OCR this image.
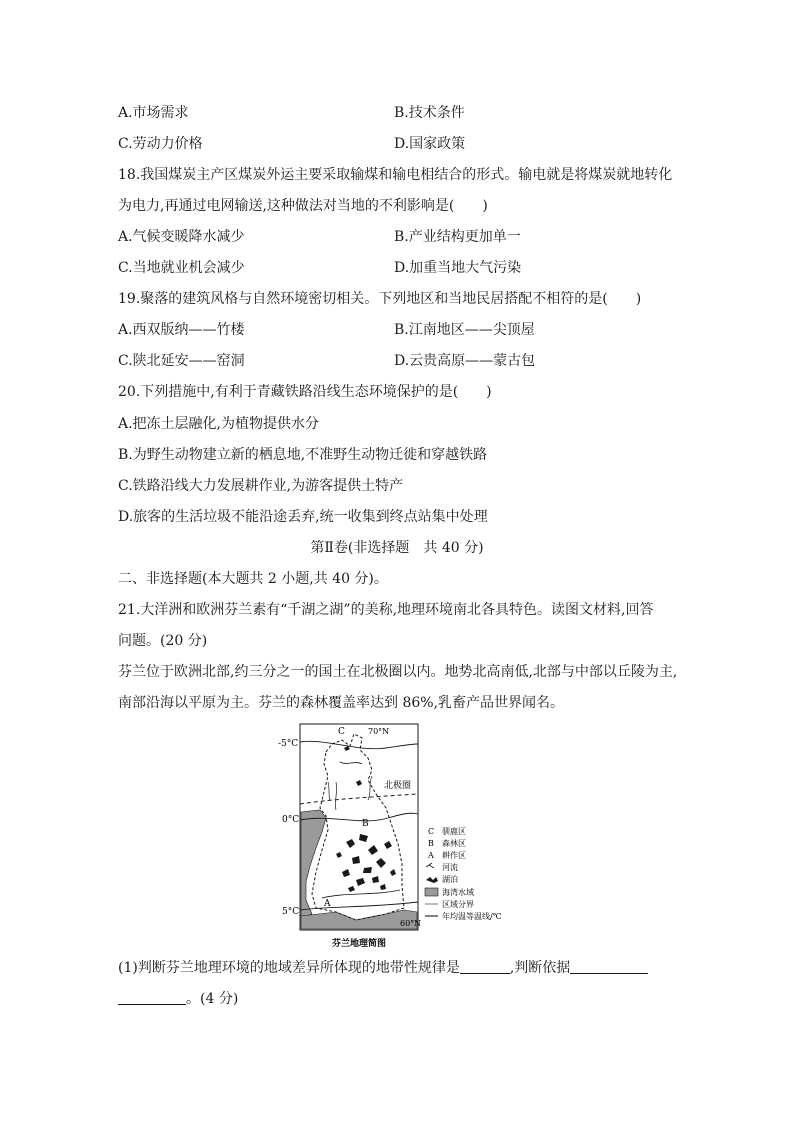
A.市场需求	B.技术条件
C.劳动力价格	D.国家政策
18.我国煤炭主产区煤炭外运主要采取输煤和输电相结合的形式。输电就是将煤炭就地转化
为电力,再通过电网输送,这种做法对当地的不利影响是(　　)
A.气候变暖降水减少	B.产业结构更加单一
C.当地就业机会减少	D.加重当地大气污染
19.聚落的建筑风格与自然环境密切相关。下列地区和当地民居搭配不相符的是(　　)
A.西双版纳——竹楼	B.江南地区——尖顶屋
C.陕北延安——窑洞	D.云贵高原——蒙古包
20.下列措施中,有利于青藏铁路沿线生态环境保护的是(　　)
A.把冻土层融化,为植物提供水分
B.为野生动物建立新的栖息地,不准野生动物迁徙和穿越铁路
C.铁路沿线大力发展耕作业,为游客提供土特产
D.旅客的生活垃圾不能沿途丢弃,统一收集到终点站集中处理
第Ⅱ卷(非选择题　共 40 分)
二、非选择题(本大题共 2 小题,共 40 分)。
21.大洋洲和欧洲芬兰素有“千湖之湖”的美称,地理环境南北各具特色。读图文材料,回答
问题。(20 分)
芬兰位于欧洲北部,约三分之一的国土在北极圈以内。地势北高南低,北部与中部以丘陵为主,
南部沿海以平原为主。芬兰的森林覆盖率达到 86%,乳畜产品世界闻名。
-5°C
0°C
5°C
70°N
60°N
北极圈
C
B
A
C 驯鹿区
B 森林区
A 耕作区
河流
湖泊
海湾水域
区域分界
年均温等温线/℃
芬兰地理简图
(1)判断芬兰地理环境的地域差异所体现的地带性规律是	,判断依据
。(4 分)
